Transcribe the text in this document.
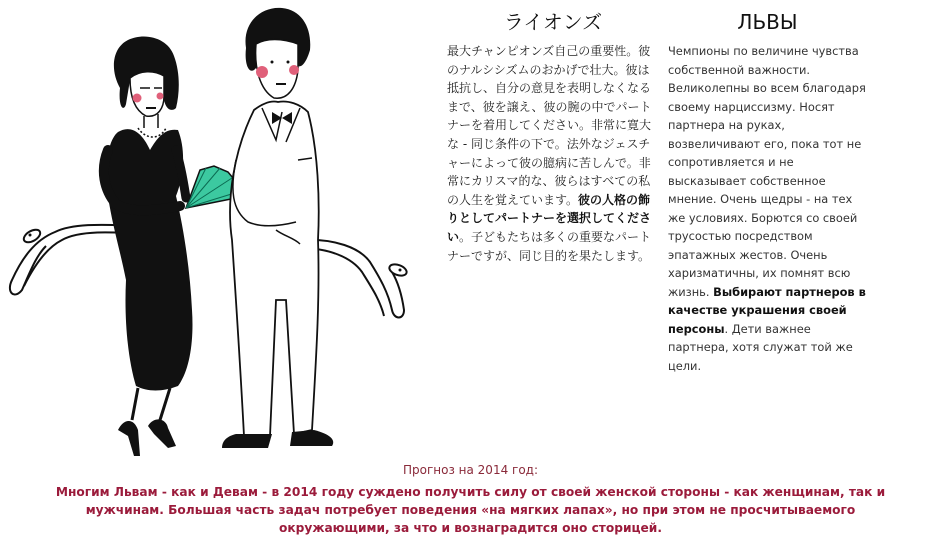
ライオンズ
最大チャンピオンズ自己の重要性。彼のナルシシズムのおかげで壮大。彼は抵抗し、自分の意見を表明しなくなるまで、彼を譲え、彼の腕の中でパートナーを着用してください。非常に寛大な - 同じ条件の下で。法外なジェスチャーによって彼の臆病に苦しんで。非常にカリスマ的な、彼らはすべての私の人生を覚えています。彼の人格の飾りとしてパートナーを選択してください。子どもたちは多くの重要なパートナーですが、同じ目的を果たします。
ЛЬВЫ
Чемпионы по величине чувства собственной важности. Великолепны во всем благодаря своему нарциссизму. Носят партнера на руках, возвеличивают его, пока тот не сопротивляется и не высказывает собственное мнение. Очень щедры - на тех же условиях. Борются со своей трусостью посредством эпатажных жестов. Очень харизматичны, их помнят всю жизнь. Выбирают партнеров в качестве украшения своей персоны. Дети важнее партнера, хотя служат той же цели.
Прогноз на 2014 год:
Многим Львам - как и Девам - в 2014 году суждено получить силу от своей женской стороны - как женщинам, так и мужчинам. Большая часть задач потребует поведения «на мягких лапах», но при этом не просчитываемого окружающими, за что и вознаградится оно сторицей.
